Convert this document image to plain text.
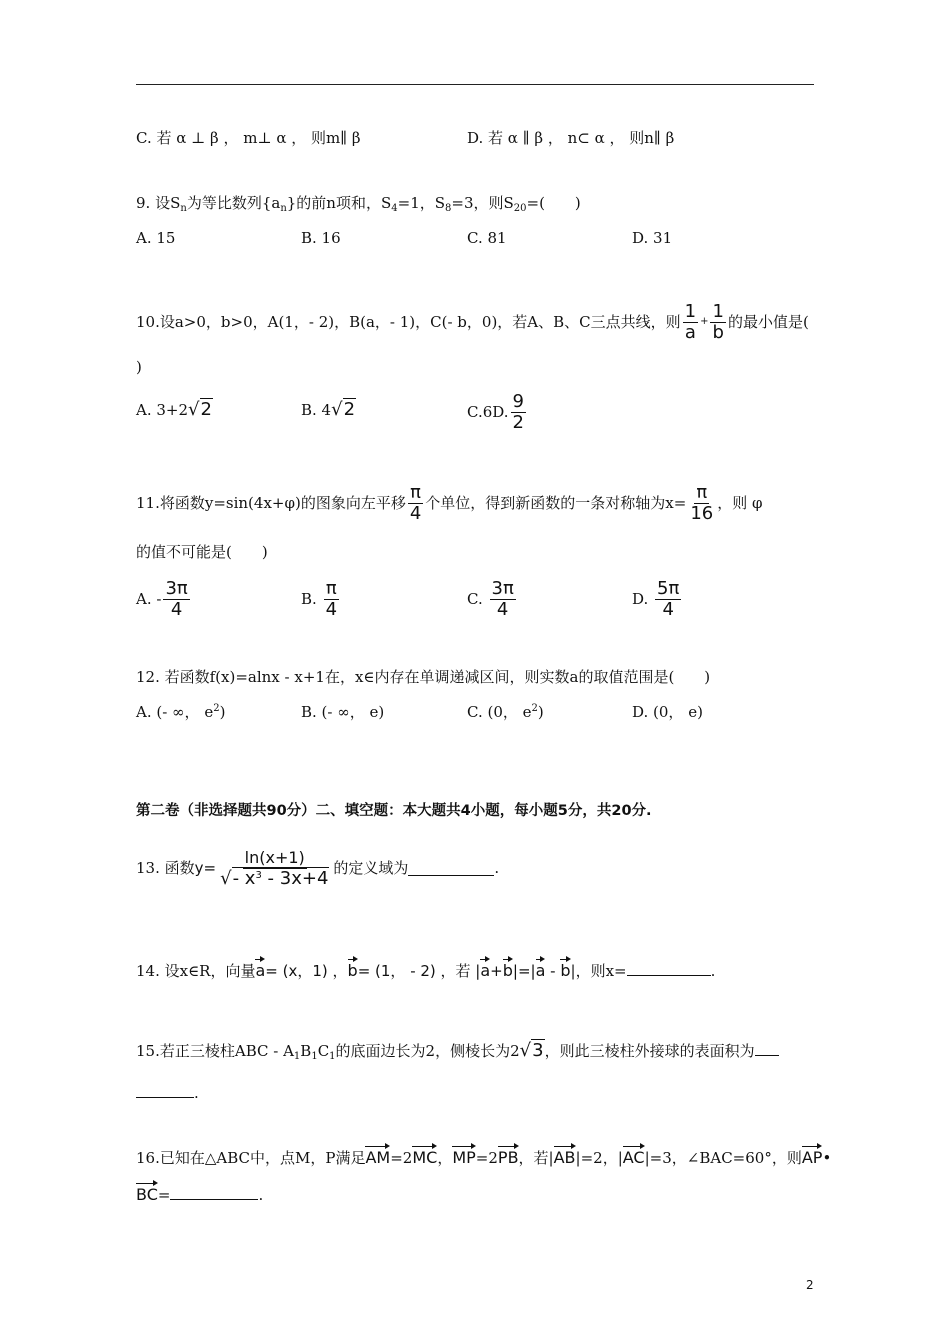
C. 若 α ⊥ β ， m⊥ α ， 则m∥ β	D. 若 α ∥ β ， n⊂ α ， 则n∥ β
9. 设$S_n$为等比数列$\{a_n\}$的前n项和，$S_4=1$，$S_8=3$，则$S_{20}=$(　　)
A. 15	B. 16	C. 81	D. 31
10.设a>0，b>0，A(1，- 2)，B(a，- 1)，C(- b，0)，若A、B、C三点共线，则 $\frac{1}{a} + \frac{1}{b}$ 的最小值是(
)
A. 3+2√2	B. 4√2	C.6D. $\frac{9}{2}$
11.将函数y=sin(4x+φ)的图象向左平移 $\frac{\pi}{4}$ 个单位，得到新函数的一条对称轴为$x= \frac{\pi}{16}$ ，则 φ
的值不可能是(　　)
A. - $\frac{3\pi}{4}$	B.
$\frac{\pi}{4}$	C.
$\frac{3\pi}{4}$	D.
$\frac{5\pi}{4}$
12. 若函数f(x)=alnx - x+1在，x∈内存在单调递减区间，则实数a的取值范围是(　　)
A. (- ∞， $e^2$)	B. (- ∞， e)	C. (0， $e^2$)	D. (0， e)
第二卷（非选择题共90分）二、填空题：本大题共4小题，每小题5分，共20分.
13. 函数 $y= \frac{\ln(x+1)}{√- x^3 - 3x+4}$ 的定义域为	.
14. 设x∈R，向量a= (x，1) ，b= (1， - 2) ，若 |a+b|=|a - b|，则x=	.
15.若正三棱柱ABC - $A_1B_1C_1$的底面边长为2，侧棱长为2√3，则此三棱柱外接球的表面积为
.
16.已知在△ABC中，点M，P满足AM=2MC，MP=2PB，若|AB|=2，|AC|=3，∠BAC=60°，则AP•
BC=	.
2
